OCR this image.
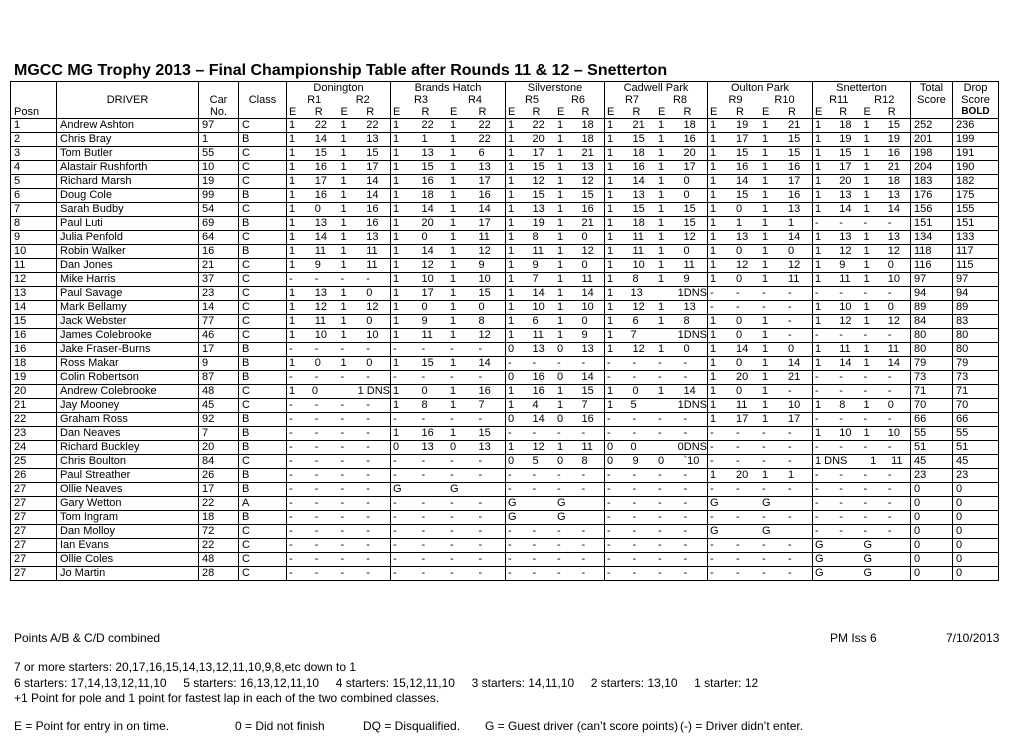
MGCC MG Trophy 2013 – Final Championship Table after Rounds 11 & 12 – Snetterton
				Donington	Brands Hatch	Silverstone	Cadwell Park	Oulton Park	Snetterton	Total	Drop
	DRIVER	Car	Class	R1 R2	R3 R4	R5 R6	R7 R8	R9 R10	R11 R12	Score	Score
Posn		No.		E R E R	E R E R	E R E R	E R E R	E R E R	E R E R		BOLD
1	Andrew Ashton	97	C	1 22 1 22	1 22 1 22	1 22 1 18	1 21 1 18	1 19 1 21	1 18 1 15	252	236
2	Chris Bray	1	B	1 14 1 13	1 1 1 22	1 20 1 18	1 15 1 16	1 17 1 15	1 19 1 19	201	199
3	Tom Butler	55	C	1 15 1 15	1 13 1 6	1 17 1 21	1 18 1 20	1 15 1 15	1 15 1 16	198	191
4	Alastair Rushforth	10	C	1 16 1 17	1 15 1 13	1 15 1 13	1 16 1 17	1 16 1 16	1 17 1 21	204	190
5	Richard Marsh	19	C	1 17 1 14	1 16 1 17	1 12 1 12	1 14 1 0	1 14 1 17	1 20 1 18	183	182
6	Doug Cole	99	B	1 16 1 14	1 18 1 16	1 15 1 15	1 13 1 0	1 15 1 16	1 13 1 13	176	175
7	Sarah Budby	54	C	1 0 1 16	1 14 1 14	1 13 1 16	1 15 1 15	1 0 1 13	1 14 1 14	156	155
8	Paul Luti	69	B	1 13 1 16	1 20 1 17	1 19 1 21	1 18 1 15	1 1 1 1	- - - -	151	151
9	Julia Penfold	64	C	1 14 1 13	1 0 1 11	1 8 1 0	1 11 1 12	1 13 1 14	1 13 1 13	134	133
10	Robin Walker	16	B	1 11 1 11	1 14 1 12	1 11 1 12	1 11 1 0	1 0 1 0	1 12 1 12	118	117
11	Dan Jones	21	C	1 9 1 11	1 12 1 9	1 9 1 0	1 10 1 11	1 12 1 12	1 9 1 0	116	115
12	Mike Harris	37	C	- - - -	1 10 1 10	1 7 1 11	1 8 1 9	1 0 1 11	1 11 1 10	97	97
13	Paul Savage	23	C	1 13 1 0	1 17 1 15	1 14 1 14	1 13 1DNS	- - - -	- - - -	94	94
14	Mark Bellamy	14	C	1 12 1 12	1 0 1 0	1 10 1 10	1 12 1 13	- - - -	1 10 1 0	89	89
15	Jack Webster	77	C	1 11 1 0	1 9 1 8	1 6 1 0	1 6 1 8	1 0 1 -	1 12 1 12	84	83
16	James Colebrooke	46	C	1 10 1 10	1 11 1 12	1 11 1 9	1 7 1DNS	1 0 1 -	- - - -	80	80
16	Jake Fraser-Burns	17	B	- - - -	- - - -	0 13 0 13	1 12 1 0	1 14 1 0	1 11 1 11	80	80
18	Ross Makar	9	B	1 0 1 0	1 15 1 14	- - - -	- - - -	1 0 1 14	1 14 1 14	79	79
19	Colin Robertson	87	B	- - - -	- - - -	0 16 0 14	- - - -	1 20 1 21	- - - -	73	73
20	Andrew Colebrooke	48	C	1 0 1 DNS	1 0 1 16	1 16 1 15	1 0 1 14	1 0 1 -	- - - -	71	71
21	Jay Mooney	45	C	- - - -	1 8 1 7	1 4 1 7	1 5 1DNS	1 11 1 10	1 8 1 0	70	70
22	Graham Ross	92	B	- - - -	- - - -	0 14 0 16	- - - -	1 17 1 17	- - - -	66	66
23	Dan Neaves	7	B	- - - -	1 16 1 15	- - - -	- - - -	- - - -	1 10 1 10	55	55
24	Richard Buckley	20	B	- - - -	0 13 0 13	1 12 1 11	0 0 0DNS	- - - -	- - - -	51	51
25	Chris Boulton	84	C	- - - -	- - - -	0 5 0 8	0 9 0 `10	- - - -	1 DNS 1 11	45	45
26	Paul Streather	26	B	- - - -	- - - -	- - - -	- - - -	1 20 1 1	- - - -	23	23
27	Ollie Neaves	17	B	- - - -	G G	- - - -	- - - -	- - - -	- - - -	0	0
27	Gary Wetton	22	A	- - - -	- - - -	G G	- - - -	G G	- - - -	0	0
27	Tom Ingram	18	B	- - - -	- - - -	G G	- - - -	- - - -	- - - -	0	0
27	Dan Molloy	72	C	- - - -	- - - -	- - - -	- - - -	G G	- - - -	0	0
27	Ian Evans	22	C	- - - -	- - - -	- - - -	- - - -	- - - -	G G	0	0
27	Ollie Coles	48	C	- - - -	- - - -	- - - -	- - - -	- - - -	G G	0	0
27	Jo Martin	28	C	- - - -	- - - -	- - - -	- - - -	- - - -	G G	0	0
Points A/B & C/D combined	PM Iss 6	7/10/2013
7 or more starters: 20,17,16,15,14,13,12,11,10,9,8,etc down to 1
6 starters: 17,14,13,12,11,10     5 starters: 16,13,12,11,10     4 starters: 15,12,11,10     3 starters: 14,11,10     2 starters: 13,10     1 starter: 12
+1 Point for pole and 1 point for fastest lap in each of the two combined classes.
E = Point for entry in on time.	0 = Did not finish	DQ = Disqualified. G = Guest driver (can’t score points) (-) = Driver didn’t enter.
